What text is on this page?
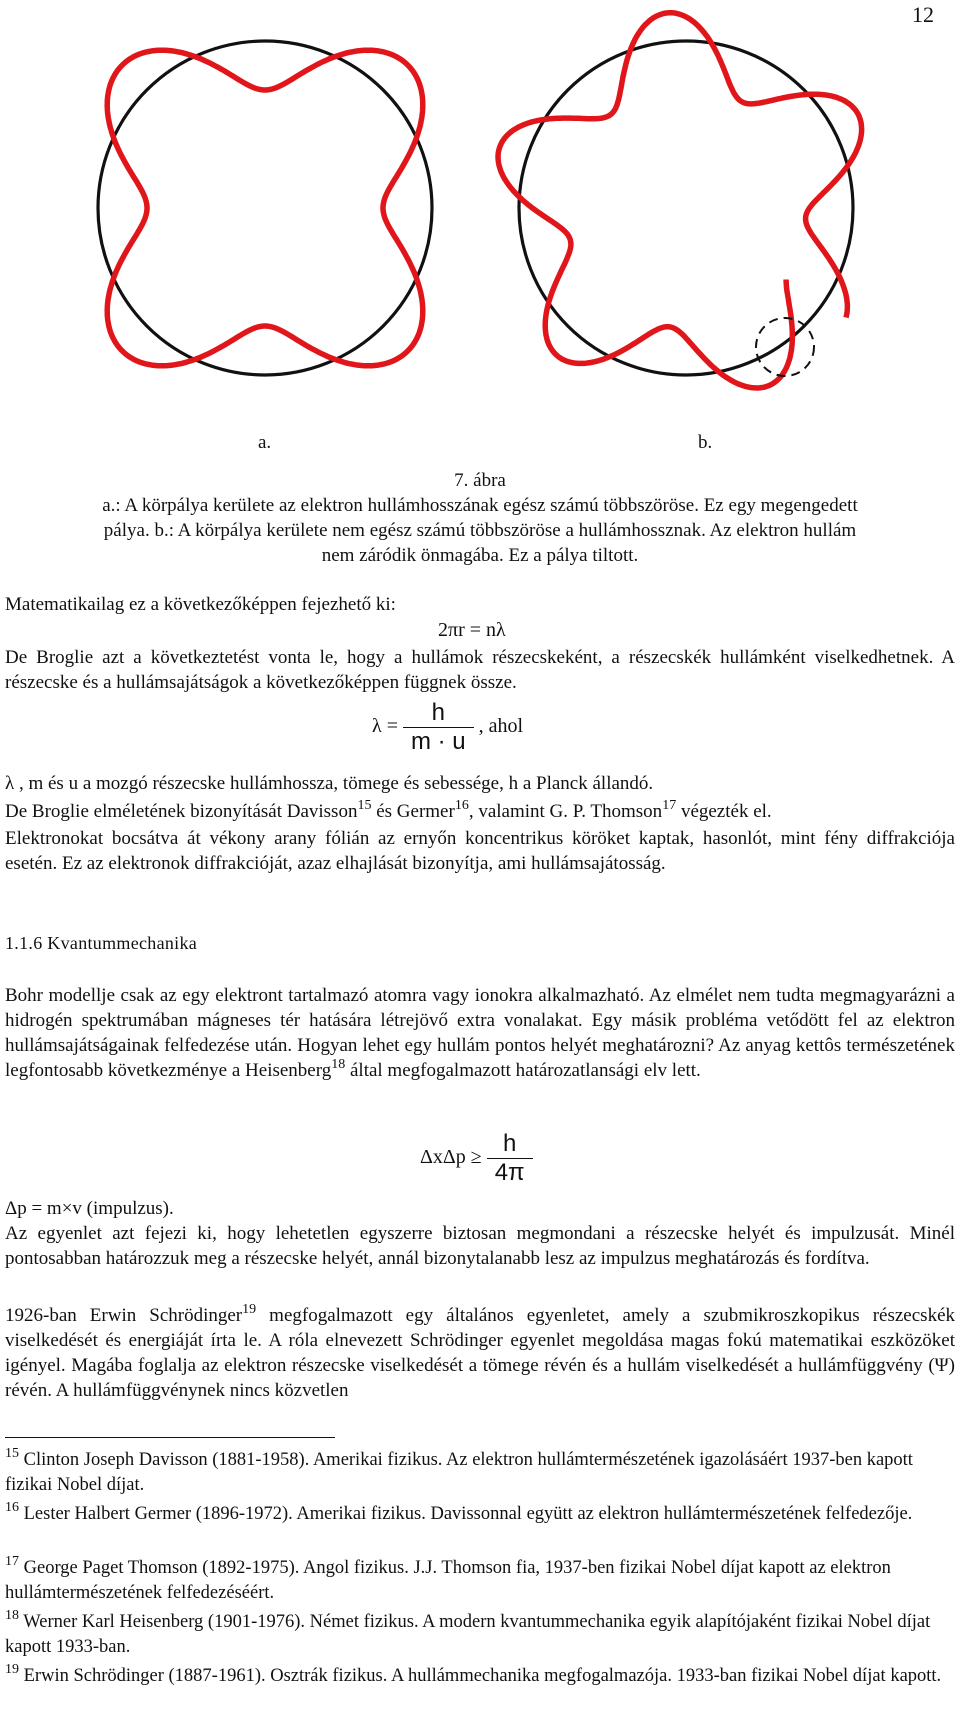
12
a.	b.
7. ábra
a.: A körpálya kerülete az elektron hullámhosszának egész számú többszöröse. Ez egy megengedett
pálya. b.: A körpálya kerülete nem egész számú többszöröse a hullámhossznak. Az elektron hullám
nem záródik önmagába. Ez a pálya tiltott.
Matematikailag ez a következőképpen fejezhető ki:
2πr = nλ
De Broglie azt a következtetést vonta le, hogy a hullámok részecskeként, a részecskék hullámként viselkedhetnek. A részecske és a hullámsajátságok a következőképpen függnek össze.
$\lambda = \frac{h}{m \cdot u}$ , ahol
λ , m és u a mozgó részecske hullámhossza, tömege és sebessége, h a Planck állandó.
De Broglie elméletének bizonyítását Davisson$^{15}$ és Germer$^{16}$, valamint G. P. Thomson$^{17}$ végezték el.
Elektronokat bocsátva át vékony arany fólián az ernyőn koncentrikus köröket kaptak, hasonlót, mint fény diffrakciója esetén. Ez az elektronok diffrakcióját, azaz elhajlását bizonyítja, ami hullámsajátosság.
1.1.6 Kvantummechanika
Bohr modellje csak az egy elektront tartalmazó atomra vagy ionokra alkalmazható. Az elmélet nem tudta megmagyarázni a hidrogén spektrumában mágneses tér hatására létrejövő extra vonalakat. Egy másik probléma vetődött fel az elektron hullámsajátságainak felfedezése után. Hogyan lehet egy hullám pontos helyét meghatározni? Az anyag kettôs természetének legfontosabb következménye a Heisenberg$^{18}$ által megfogalmazott határozatlansági elv lett.
$\Delta x\Delta p \ge \frac{h}{4\pi}$
Δp = m×v (impulzus).
Az egyenlet azt fejezi ki, hogy lehetetlen egyszerre biztosan megmondani a részecske helyét és impulzusát. Minél pontosabban határozzuk meg a részecske helyét, annál bizonytalanabb lesz az impulzus meghatározás és fordítva.
1926-ban Erwin Schrödinger$^{19}$ megfogalmazott egy általános egyenletet, amely a szubmikroszkopikus részecskék viselkedését és energiáját írta le. A róla elnevezett Schrödinger egyenlet megoldása magas fokú matematikai eszközöket igényel. Magába foglalja az elektron részecske viselkedését a tömege révén és a hullám viselkedését a hullámfüggvény (Ψ) révén. A hullámfüggvénynek nincs közvetlen
$^{15}$ Clinton Joseph Davisson (1881-1958). Amerikai fizikus. Az elektron hullámtermészetének igazolásáért 1937-ben kapott fizikai Nobel díjat.
$^{16}$ Lester Halbert Germer (1896-1972). Amerikai fizikus. Davissonnal együtt az elektron hullámtermészetének felfedezője.
$^{17}$ George Paget Thomson (1892-1975). Angol fizikus. J.J. Thomson fia, 1937-ben fizikai Nobel díjat kapott az elektron hullámtermészetének felfedezéséért.
$^{18}$ Werner Karl Heisenberg (1901-1976). Német fizikus. A modern kvantummechanika egyik alapítójaként fizikai Nobel díjat kapott 1933-ban.
$^{19}$ Erwin Schrödinger (1887-1961). Osztrák fizikus. A hullámmechanika megfogalmazója. 1933-ban fizikai Nobel díjat kapott.
